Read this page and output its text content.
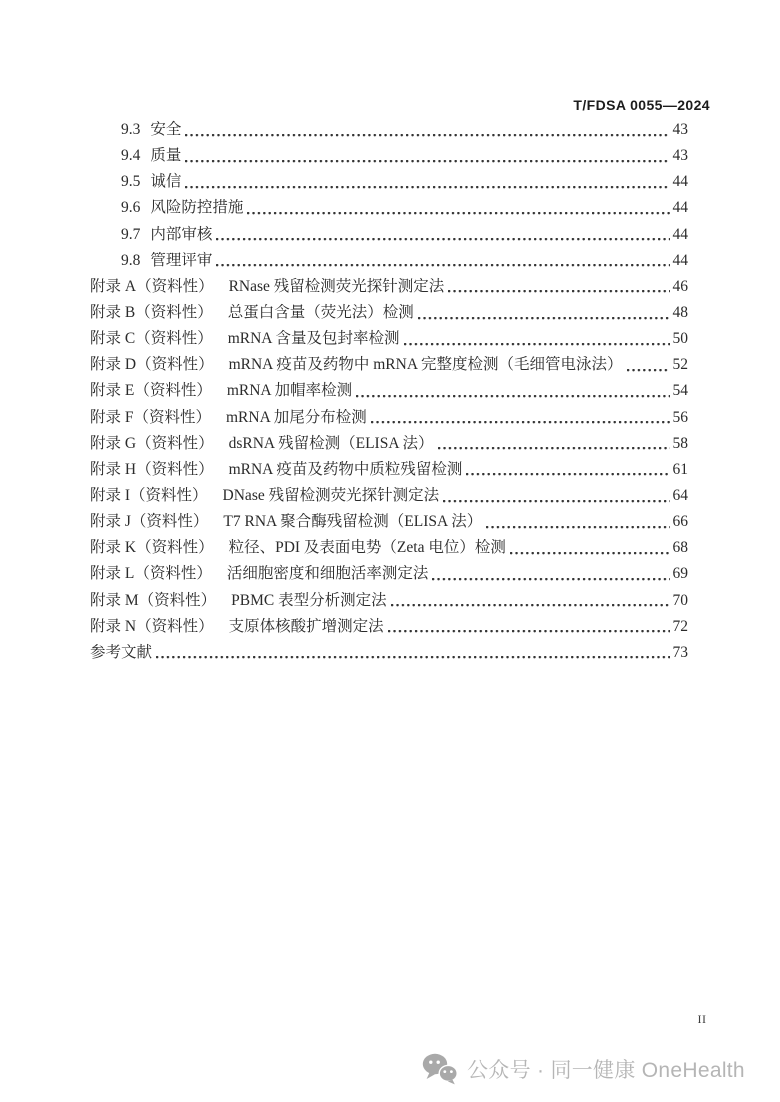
T/FDSA 0055—2024
9.3 安全	43
9.4 质量	43
9.5 诚信	44
9.6 风险防控措施	44
9.7 内部审核	44
9.8 管理评审	44
附录 A（资料性） RNase 残留检测荧光探针测定法	46
附录 B（资料性） 总蛋白含量（荧光法）检测	48
附录 C（资料性） mRNA 含量及包封率检测	50
附录 D（资料性） mRNA 疫苗及药物中 mRNA 完整度检测（毛细管电泳法）	52
附录 E（资料性） mRNA 加帽率检测	54
附录 F（资料性） mRNA 加尾分布检测	56
附录 G（资料性） dsRNA 残留检测（ELISA 法）	58
附录 H（资料性） mRNA 疫苗及药物中质粒残留检测	61
附录 I（资料性） DNase 残留检测荧光探针测定法	64
附录 J（资料性） T7 RNA 聚合酶残留检测（ELISA 法）	66
附录 K（资料性） 粒径、PDI 及表面电势（Zeta 电位）检测	68
附录 L（资料性） 活细胞密度和细胞活率测定法	69
附录 M（资料性） PBMC 表型分析测定法	70
附录 N（资料性） 支原体核酸扩增测定法	72
参考文献	73
II
公众号 · 同一健康 OneHealth
